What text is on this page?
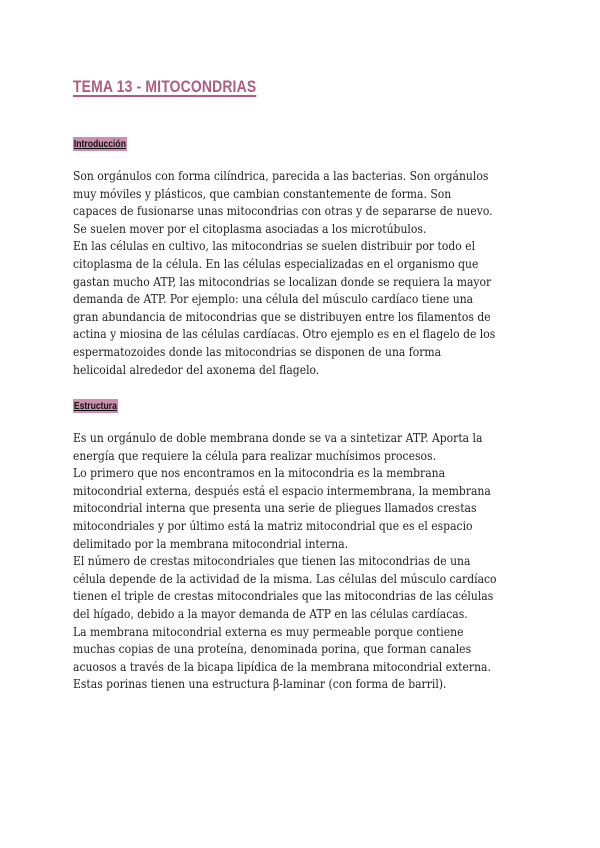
TEMA 13 - MITOCONDRIAS
Introducción
Son orgánulos con forma cilíndrica, parecida a las bacterias. Son orgánulos
muy móviles y plásticos, que cambian constantemente de forma. Son
capaces de fusionarse unas mitocondrias con otras y de separarse de nuevo.
Se suelen mover por el citoplasma asociadas a los microtúbulos.
En las células en cultivo, las mitocondrias se suelen distribuir por todo el
citoplasma de la célula. En las células especializadas en el organismo que
gastan mucho ATP, las mitocondrias se localizan donde se requiera la mayor
demanda de ATP. Por ejemplo: una célula del músculo cardíaco tiene una
gran abundancia de mitocondrias que se distribuyen entre los filamentos de
actina y miosina de las células cardíacas. Otro ejemplo es en el flagelo de los
espermatozoides donde las mitocondrias se disponen de una forma
helicoidal alrededor del axonema del flagelo.
Estructura
Es un orgánulo de doble membrana donde se va a sintetizar ATP. Aporta la
energía que requiere la célula para realizar muchísimos procesos.
Lo primero que nos encontramos en la mitocondria es la membrana
mitocondrial externa, después está el espacio intermembrana, la membrana
mitocondrial interna que presenta una serie de pliegues llamados crestas
mitocondriales y por último está la matriz mitocondrial que es el espacio
delimitado por la membrana mitocondrial interna.
El número de crestas mitocondriales que tienen las mitocondrias de una
célula depende de la actividad de la misma. Las células del músculo cardíaco
tienen el triple de crestas mitocondriales que las mitocondrias de las células
del hígado, debido a la mayor demanda de ATP en las células cardíacas.
La membrana mitocondrial externa es muy permeable porque contiene
muchas copias de una proteína, denominada porina, que forman canales
acuosos a través de la bicapa lipídica de la membrana mitocondrial externa.
Estas porinas tienen una estructura β-laminar (con forma de barril).
